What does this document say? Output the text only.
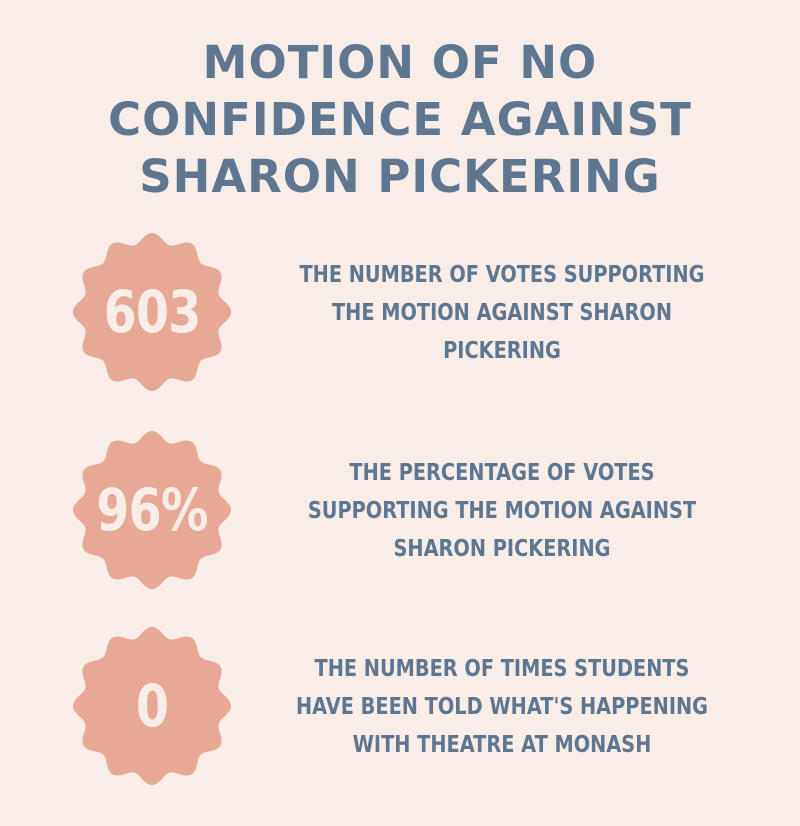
MOTION OF NO
CONFIDENCE AGAINST
SHARON PICKERING
603
THE NUMBER OF VOTES SUPPORTING
THE MOTION AGAINST SHARON
PICKERING
96%
THE PERCENTAGE OF VOTES
SUPPORTING THE MOTION AGAINST
SHARON PICKERING
0
THE NUMBER OF TIMES STUDENTS
HAVE BEEN TOLD WHAT'S HAPPENING
WITH THEATRE AT MONASH
